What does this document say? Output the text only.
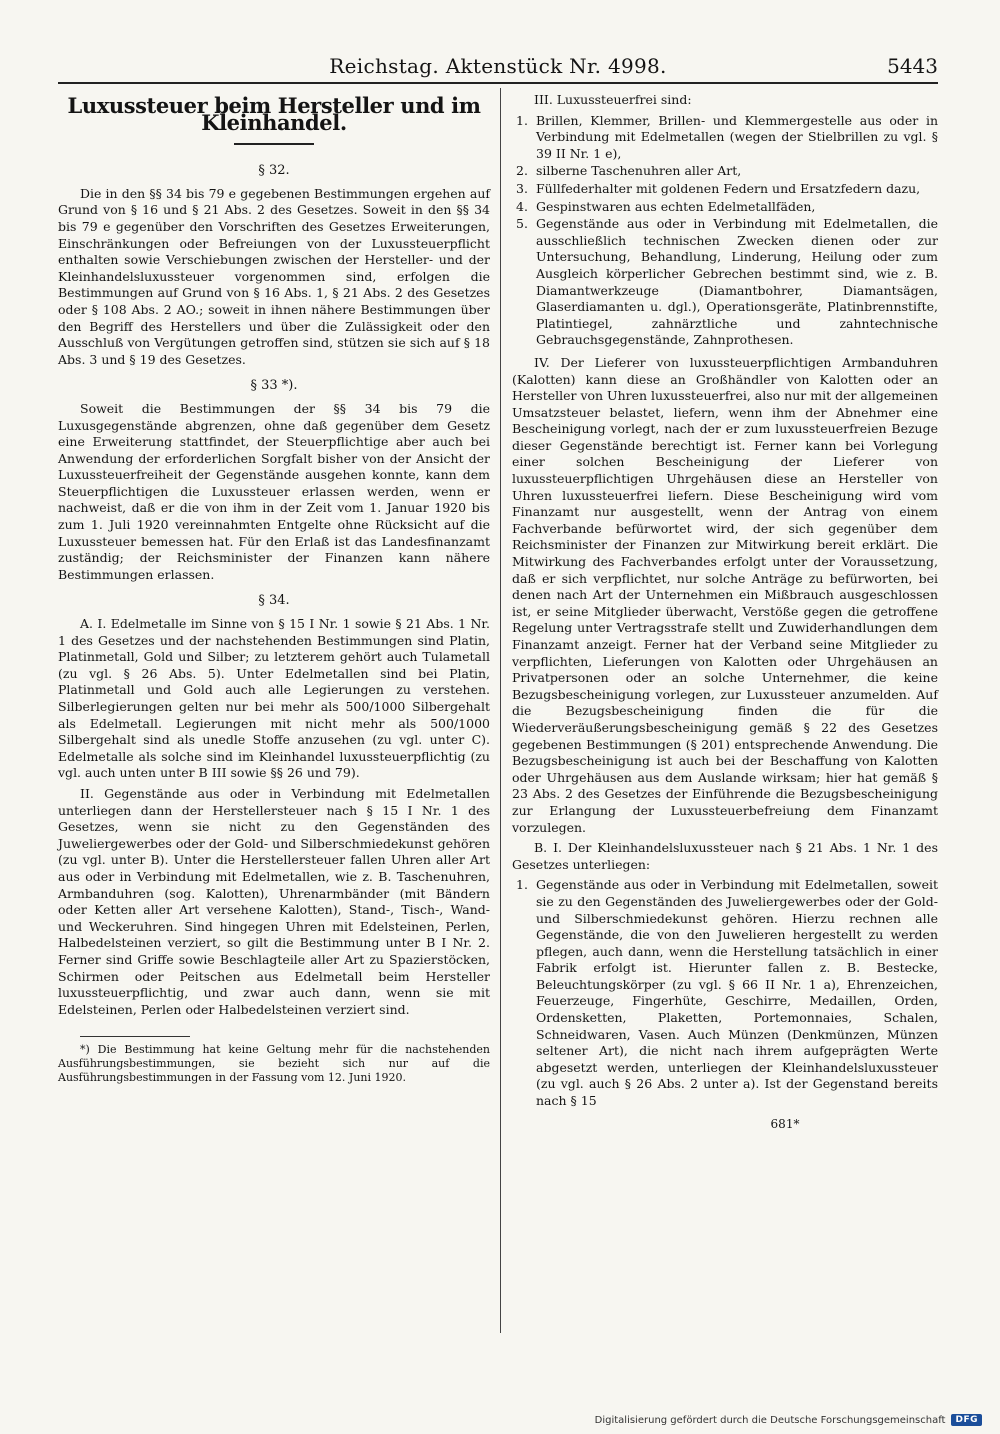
Reichstag. Aktenstück Nr. 4998.	5443
Luxussteuer beim Hersteller und im Kleinhandel.
§ 32.

Die in den §§ 34 bis 79 e gegebenen Bestimmungen ergehen auf Grund von § 16 und § 21 Abs. 2 des Gesetzes. Soweit in den §§ 34 bis 79 e gegenüber den Vorschriften des Gesetzes Erweiterungen, Einschränkungen oder Befreiungen von der Luxussteuerpflicht enthalten sowie Verschiebungen zwischen der Hersteller- und der Kleinhandelsluxussteuer vorgenommen sind, erfolgen die Bestimmungen auf Grund von § 16 Abs. 1, § 21 Abs. 2 des Gesetzes oder § 108 Abs. 2 AO.; soweit in ihnen nähere Bestimmungen über den Begriff des Herstellers und über die Zulässigkeit oder den Ausschluß von Vergütungen getroffen sind, stützen sie sich auf § 18 Abs. 3 und § 19 des Gesetzes.

§ 33 *).

Soweit die Bestimmungen der §§ 34 bis 79 die Luxusgegenstände abgrenzen, ohne daß gegenüber dem Gesetz eine Erweiterung stattfindet, der Steuerpflichtige aber auch bei Anwendung der erforderlichen Sorgfalt bisher von der Ansicht der Luxussteuerfreiheit der Gegenstände ausgehen konnte, kann dem Steuerpflichtigen die Luxussteuer erlassen werden, wenn er nachweist, daß er die von ihm in der Zeit vom 1. Januar 1920 bis zum 1. Juli 1920 vereinnahmten Entgelte ohne Rücksicht auf die Luxussteuer bemessen hat. Für den Erlaß ist das Landesfinanzamt zuständig; der Reichsminister der Finanzen kann nähere Bestimmungen erlassen.

§ 34.

A. I. Edelmetalle im Sinne von § 15 I Nr. 1 sowie § 21 Abs. 1 Nr. 1 des Gesetzes und der nachstehenden Bestimmungen sind Platin, Platinmetall, Gold und Silber; zu letzterem gehört auch Tulametall (zu vgl. § 26 Abs. 5). Unter Edelmetallen sind bei Platin, Platinmetall und Gold auch alle Legierungen zu verstehen. Silberlegierungen gelten nur bei mehr als 500/1000 Silbergehalt als Edelmetall. Legierungen mit nicht mehr als 500/1000 Silbergehalt sind als unedle Stoffe anzusehen (zu vgl. unter C). Edelmetalle als solche sind im Kleinhandel luxussteuerpflichtig (zu vgl. auch unten unter B III sowie §§ 26 und 79).

II. Gegenstände aus oder in Verbindung mit Edelmetallen unterliegen dann der Herstellersteuer nach § 15 I Nr. 1 des Gesetzes, wenn sie nicht zu den Gegenständen des Juweliergewerbes oder der Gold- und Silberschmiedekunst gehören (zu vgl. unter B). Unter die Herstellersteuer fallen Uhren aller Art aus oder in Verbindung mit Edelmetallen, wie z. B. Taschenuhren, Armbanduhren (sog. Kalotten), Uhrenarmbänder (mit Bändern oder Ketten aller Art versehene Kalotten), Stand-, Tisch-, Wand- und Weckeruhren. Sind hingegen Uhren mit Edelsteinen, Perlen, Halbedelsteinen verziert, so gilt die Bestimmung unter B I Nr. 2. Ferner sind Griffe sowie Beschlagteile aller Art zu Spazierstöcken, Schirmen oder Peitschen aus Edelmetall beim Hersteller luxussteuerpflichtig, und zwar auch dann, wenn sie mit Edelsteinen, Perlen oder Halbedelsteinen verziert sind.

*) Die Bestimmung hat keine Geltung mehr für die nachstehenden Ausführungsbestimmungen, sie bezieht sich nur auf die Ausführungsbestimmungen in der Fassung vom 12. Juni 1920.

III. Luxussteuerfrei sind:

1. Brillen, Klemmer, Brillen- und Klemmergestelle aus oder in Verbindung mit Edelmetallen (wegen der Stielbrillen zu vgl. § 39 II Nr. 1 e),
2. silberne Taschenuhren aller Art,
3. Füllfederhalter mit goldenen Federn und Ersatzfedern dazu,
4. Gespinstwaren aus echten Edelmetallfäden,
5. Gegenstände aus oder in Verbindung mit Edelmetallen, die ausschließlich technischen Zwecken dienen oder zur Untersuchung, Behandlung, Linderung, Heilung oder zum Ausgleich körperlicher Gebrechen bestimmt sind, wie z. B. Diamantwerkzeuge (Diamantbohrer, Diamantsägen, Glaserdiamanten u. dgl.), Operationsgeräte, Platinbrennstifte, Platintiegel, zahnärztliche und zahntechnische Gebrauchsgegenstände, Zahnprothesen.

IV. Der Lieferer von luxussteuerpflichtigen Armbanduhren (Kalotten) kann diese an Großhändler von Kalotten oder an Hersteller von Uhren luxussteuerfrei, also nur mit der allgemeinen Umsatzsteuer belastet, liefern, wenn ihm der Abnehmer eine Bescheinigung vorlegt, nach der er zum luxussteuerfreien Bezuge dieser Gegenstände berechtigt ist. Ferner kann bei Vorlegung einer solchen Bescheinigung der Lieferer von luxussteuerpflichtigen Uhrgehäusen diese an Hersteller von Uhren luxussteuerfrei liefern. Diese Bescheinigung wird vom Finanzamt nur ausgestellt, wenn der Antrag von einem Fachverbande befürwortet wird, der sich gegenüber dem Reichsminister der Finanzen zur Mitwirkung bereit erklärt. Die Mitwirkung des Fachverbandes erfolgt unter der Voraussetzung, daß er sich verpflichtet, nur solche Anträge zu befürworten, bei denen nach Art der Unternehmen ein Mißbrauch ausgeschlossen ist, er seine Mitglieder überwacht, Verstöße gegen die getroffene Regelung unter Vertragsstrafe stellt und Zuwiderhandlungen dem Finanzamt anzeigt. Ferner hat der Verband seine Mitglieder zu verpflichten, Lieferungen von Kalotten oder Uhrgehäusen an Privatpersonen oder an solche Unternehmer, die keine Bezugsbescheinigung vorlegen, zur Luxussteuer anzumelden. Auf die Bezugsbescheinigung finden die für die Wiederveräußerungsbescheinigung gemäß § 22 des Gesetzes gegebenen Bestimmungen (§ 201) entsprechende Anwendung. Die Bezugsbescheinigung ist auch bei der Beschaffung von Kalotten oder Uhrgehäusen aus dem Auslande wirksam; hier hat gemäß § 23 Abs. 2 des Gesetzes der Einführende die Bezugsbescheinigung zur Erlangung der Luxussteuerbefreiung dem Finanzamt vorzulegen.

B. I. Der Kleinhandelsluxussteuer nach § 21 Abs. 1 Nr. 1 des Gesetzes unterliegen:

1. Gegenstände aus oder in Verbindung mit Edelmetallen, soweit sie zu den Gegenständen des Juweliergewerbes oder der Gold- und Silberschmiedekunst gehören. Hierzu rechnen alle Gegenstände, die von den Juwelieren hergestellt zu werden pflegen, auch dann, wenn die Herstellung tatsächlich in einer Fabrik erfolgt ist. Hierunter fallen z. B. Bestecke, Beleuchtungskörper (zu vgl. § 66 II Nr. 1 a), Ehrenzeichen, Feuerzeuge, Fingerhüte, Geschirre, Medaillen, Orden, Ordensketten, Plaketten, Portemonnaies, Schalen, Schneidwaren, Vasen. Auch Münzen (Denkmünzen, Münzen seltener Art), die nicht nach ihrem aufgeprägten Werte abgesetzt werden, unterliegen der Kleinhandelsluxussteuer (zu vgl. auch § 26 Abs. 2 unter a). Ist der Gegenstand bereits nach § 15
681*
Digitalisierung gefördert durch die Deutsche Forschungsgemeinschaft	DFG
